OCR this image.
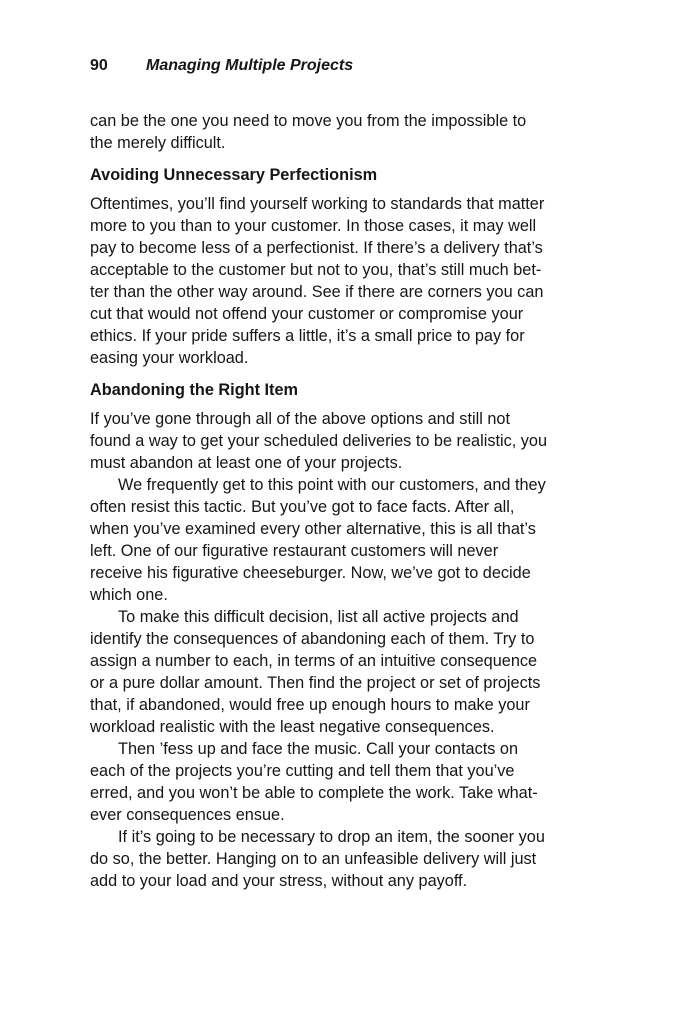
90 Managing Multiple Projects

can be the one you need to move you from the impossible to
the merely difficult.

Avoiding Unnecessary Perfectionism

Oftentimes, you’ll find yourself working to standards that matter
more to you than to your customer. In those cases, it may well
pay to become less of a perfectionist. If there’s a delivery that’s
acceptable to the customer but not to you, that’s still much bet-
ter than the other way around. See if there are corners you can
cut that would not offend your customer or compromise your
ethics. If your pride suffers a little, it’s a small price to pay for
easing your workload.

Abandoning the Right Item

If you’ve gone through all of the above options and still not
found a way to get your scheduled deliveries to be realistic, you
must abandon at least one of your projects.
We frequently get to this point with our customers, and they
often resist this tactic. But you’ve got to face facts. After all,
when you’ve examined every other alternative, this is all that’s
left. One of our figurative restaurant customers will never
receive his figurative cheeseburger. Now, we’ve got to decide
which one.
To make this difficult decision, list all active projects and
identify the consequences of abandoning each of them. Try to
assign a number to each, in terms of an intuitive consequence
or a pure dollar amount. Then find the project or set of projects
that, if abandoned, would free up enough hours to make your
workload realistic with the least negative consequences.
Then ’fess up and face the music. Call your contacts on
each of the projects you’re cutting and tell them that you’ve
erred, and you won’t be able to complete the work. Take what-
ever consequences ensue.
If it’s going to be necessary to drop an item, the sooner you
do so, the better. Hanging on to an unfeasible delivery will just
add to your load and your stress, without any payoff.
